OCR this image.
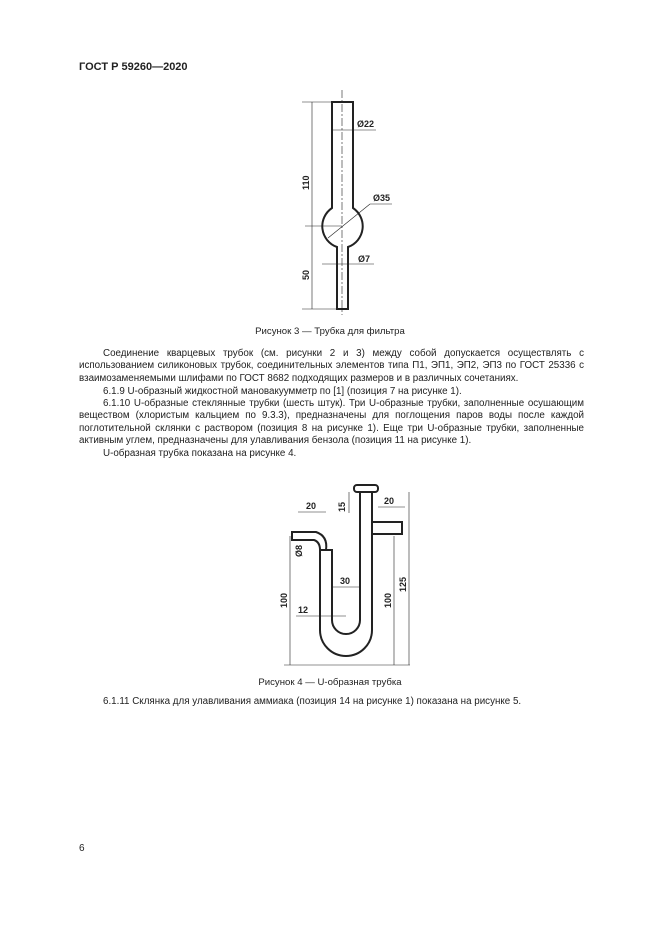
ГОСТ Р 59260—2020
Ø22
Ø35
Ø7
110
50
Рисунок 3 — Трубка для фильтра
Соединение кварцевых трубок (см. рисунки 2 и 3) между собой допускается осуществлять с использованием силиконовых трубок, соединительных элементов типа П1, ЭП1, ЭП2, ЭП3 по ГОСТ 25336 с взаимозаменяемыми шлифами по ГОСТ 8682 подходящих размеров и в различных сочетаниях.
6.1.9 U-образный жидкостной мановакуумметр по [1] (позиция 7 на рисунке 1).
6.1.10 U-образные стеклянные трубки (шесть штук). Три U-образные трубки, заполненные осушающим веществом (хлористым кальцием по 9.3.3), предназначены для поглощения паров воды после каждой поглотительной склянки с раствором (позиция 8 на рисунке 1). Еще три U-образные трубки, заполненные активным углем, предназначены для улавливания бензола (позиция 11 на рисунке 1).
U-образная трубка показана на рисунке 4.
20	20
15
Ø8
30
12
100	100
125
Рисунок 4 — U-образная трубка
6.1.11 Склянка для улавливания аммиака (позиция 14 на рисунке 1) показана на рисунке 5.
6
